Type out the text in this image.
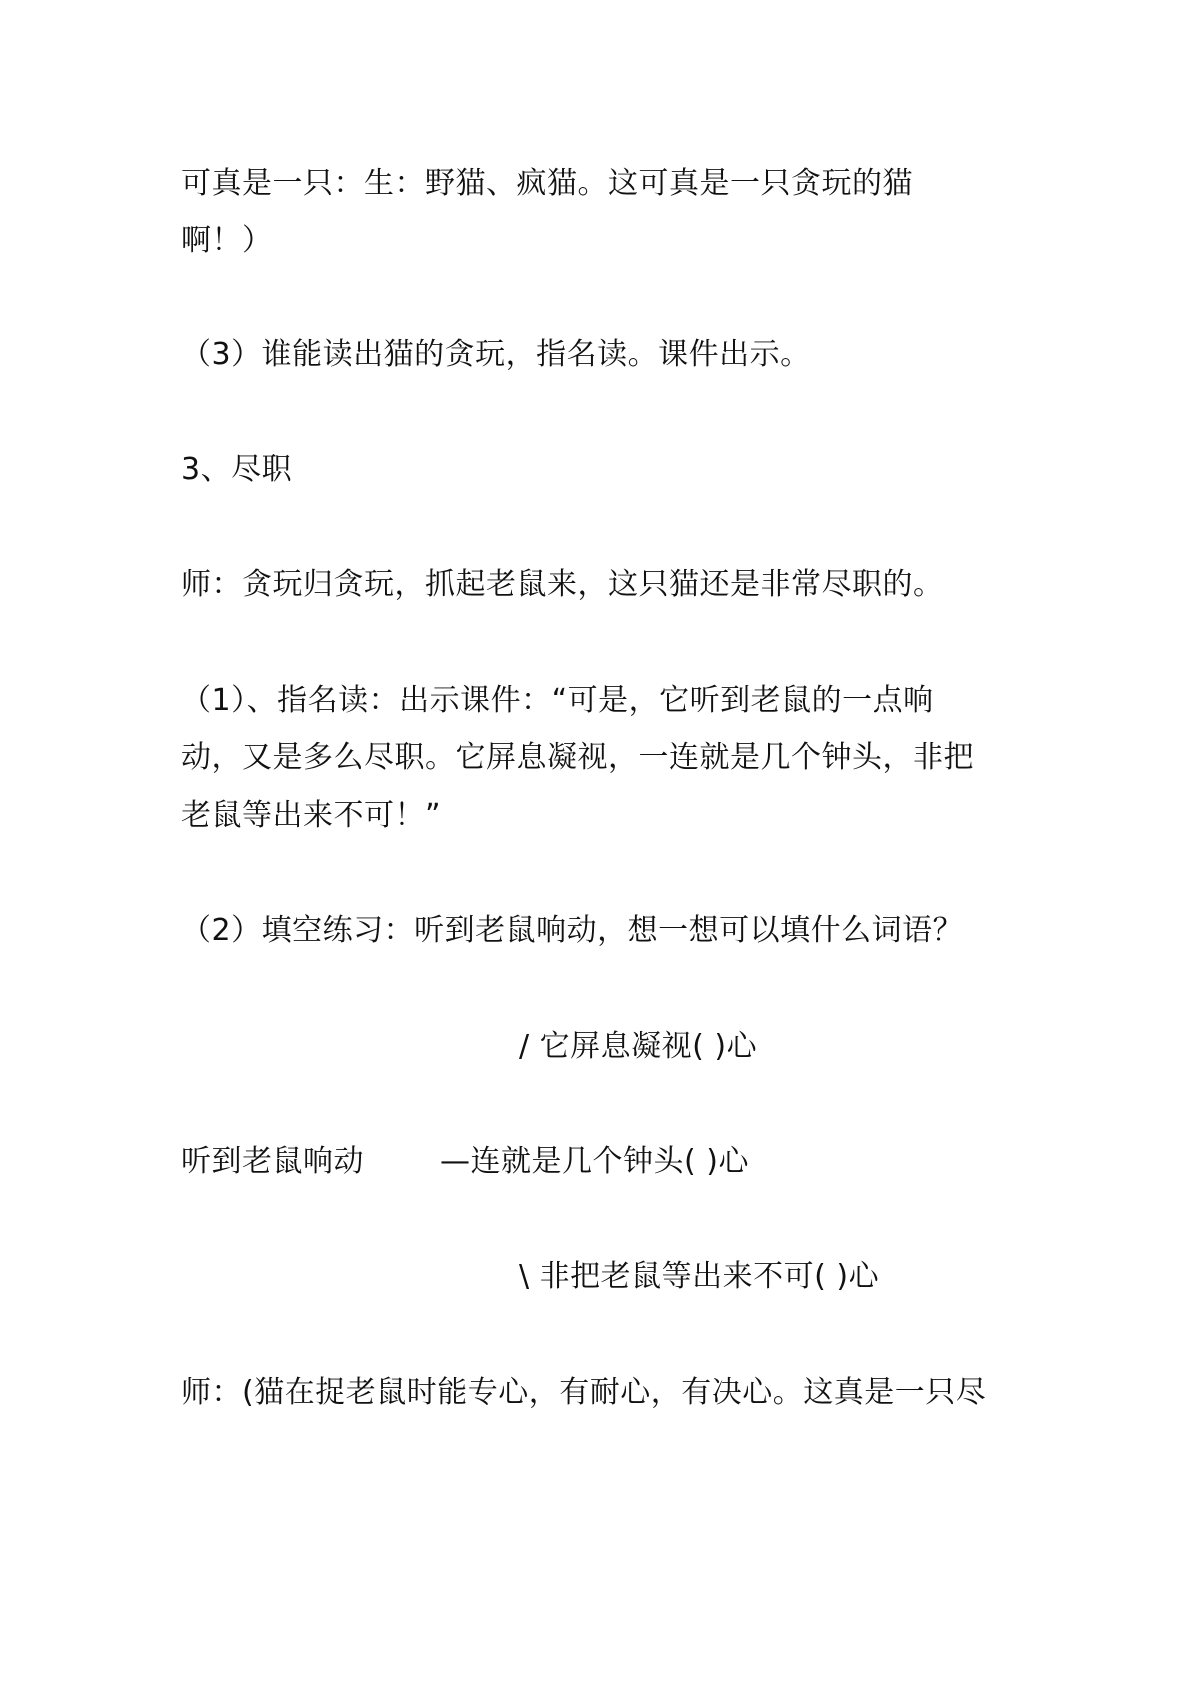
可真是一只：生：野猫、疯猫。这可真是一只贪玩的猫
啊！）
（3）谁能读出猫的贪玩，指名读。课件出示。
3、尽职
师：贪玩归贪玩，抓起老鼠来，这只猫还是非常尽职的。
（1）、指名读：出示课件：“可是，它听到老鼠的一点响
动，又是多么尽职。它屏息凝视，一连就是几个钟头，非把
老鼠等出来不可！”
（2）填空练习：听到老鼠响动，想一想可以填什么词语？
/ 它屏息凝视( )心
听到老鼠响动	—连就是几个钟头( )心
\ 非把老鼠等出来不可( )心
师：(猫在捉老鼠时能专心，有耐心，有决心。这真是一只尽
